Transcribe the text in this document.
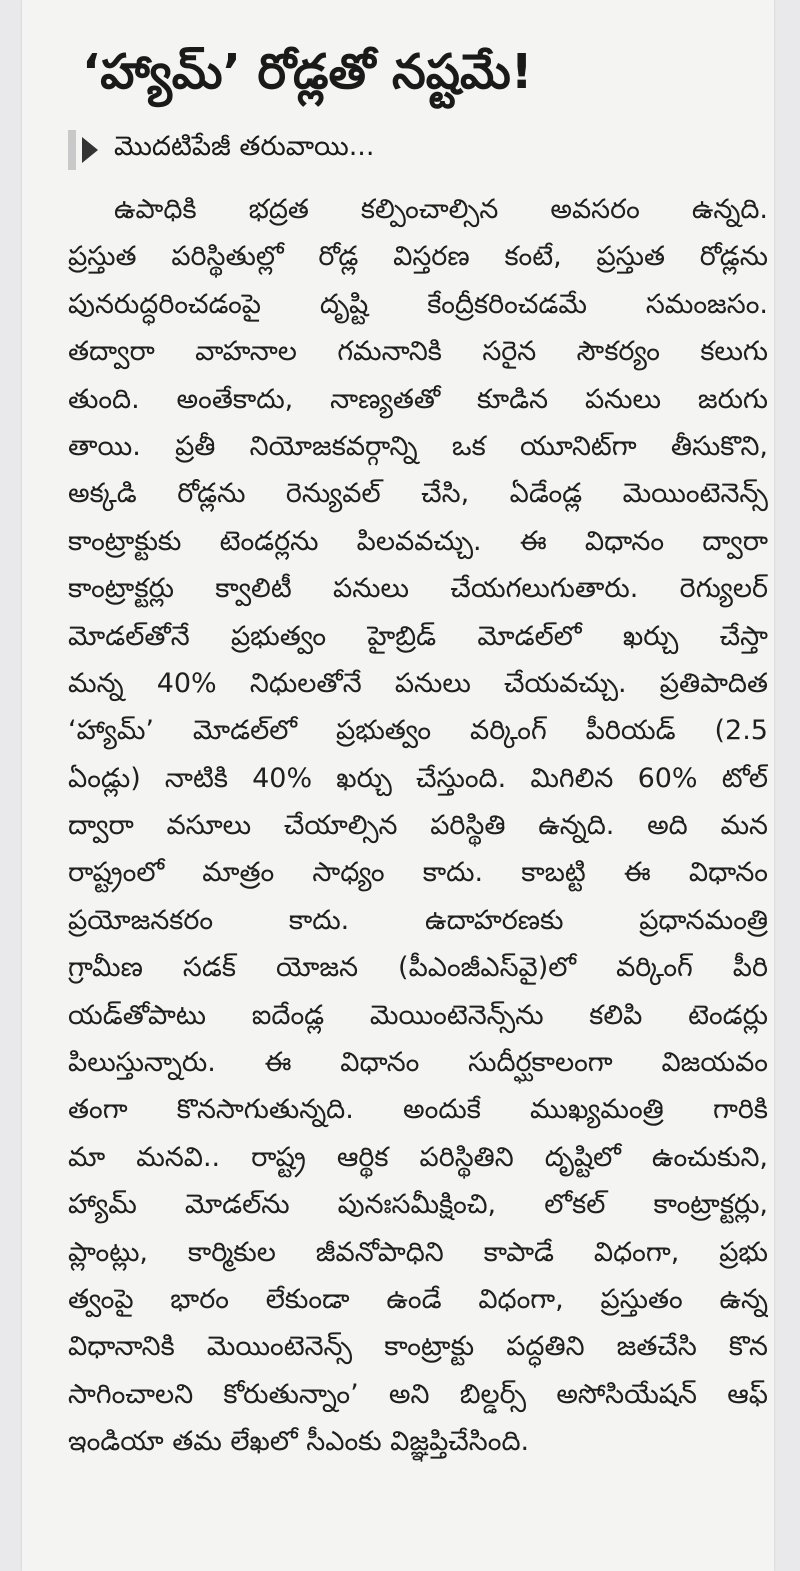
‘హ్యామ్’ రోడ్లతో నష్టమే!
మొదటిపేజీ తరువాయి...
ఉపాధికి భద్రత కల్పించాల్సిన అవసరం ఉన్నది.
ప్రస్తుత పరిస్థితుల్లో రోడ్ల విస్తరణ కంటే, ప్రస్తుత రోడ్లను
పునరుద్ధరించడంపై దృష్టి కేంద్రీకరించడమే సమంజసం.
తద్వారా వాహనాల గమనానికి సరైన సౌకర్యం కలుగు
తుంది. అంతేకాదు, నాణ్యతతో కూడిన పనులు జరుగు
తాయి. ప్రతీ నియోజకవర్గాన్ని ఒక యూనిట్‌గా తీసుకొని,
అక్కడి రోడ్లను రెన్యువల్ చేసి, ఏడేండ్ల మెయింటెనెన్స్
కాంట్రాక్టుకు టెండర్లను పిలవవచ్చు. ఈ విధానం ద్వారా
కాంట్రాక్టర్లు క్వాలిటీ పనులు చేయగలుగుతారు. రెగ్యులర్
మోడల్‌తోనే ప్రభుత్వం హైబ్రిడ్ మోడల్‌లో ఖర్చు చేస్తా
మన్న 40% నిధులతోనే పనులు చేయవచ్చు. ప్రతిపాదిత
‘హ్యామ్’ మోడల్‌లో ప్రభుత్వం వర్కింగ్ పీరియడ్ (2.5
ఏండ్లు) నాటికి 40% ఖర్చు చేస్తుంది. మిగిలిన 60% టోల్
ద్వారా వసూలు చేయాల్సిన పరిస్థితి ఉన్నది. అది మన
రాష్ట్రంలో మాత్రం సాధ్యం కాదు. కాబట్టి ఈ విధానం
ప్రయోజనకరం కాదు. ఉదాహరణకు ప్రధానమంత్రి
గ్రామీణ సడక్ యోజన (పీఎంజీఎస్‌వై)లో వర్కింగ్ పీరి
యడ్‌తోపాటు ఐదేండ్ల మెయింటెనెన్స్‌ను కలిపి టెండర్లు
పిలుస్తున్నారు. ఈ విధానం సుదీర్ఘకాలంగా విజయవం
తంగా కొనసాగుతున్నది. అందుకే ముఖ్యమంత్రి గారికి
మా మనవి.. రాష్ట్ర ఆర్థిక పరిస్థితిని దృష్టిలో ఉంచుకుని,
హ్యామ్ మోడల్‌ను పునఃసమీక్షించి, లోకల్ కాంట్రాక్టర్లు,
ప్లాంట్లు, కార్మికుల జీవనోపాధిని కాపాడే విధంగా, ప్రభు
త్వంపై భారం లేకుండా ఉండే విధంగా, ప్రస్తుతం ఉన్న
విధానానికి మెయింటెనెన్స్ కాంట్రాక్టు పద్ధతిని జతచేసి కొన
సాగించాలని కోరుతున్నాం’ అని బిల్డర్స్ అసోసియేషన్ ఆఫ్
ఇండియా తమ లేఖలో సీఎంకు విజ్ఞప్తిచేసింది.
